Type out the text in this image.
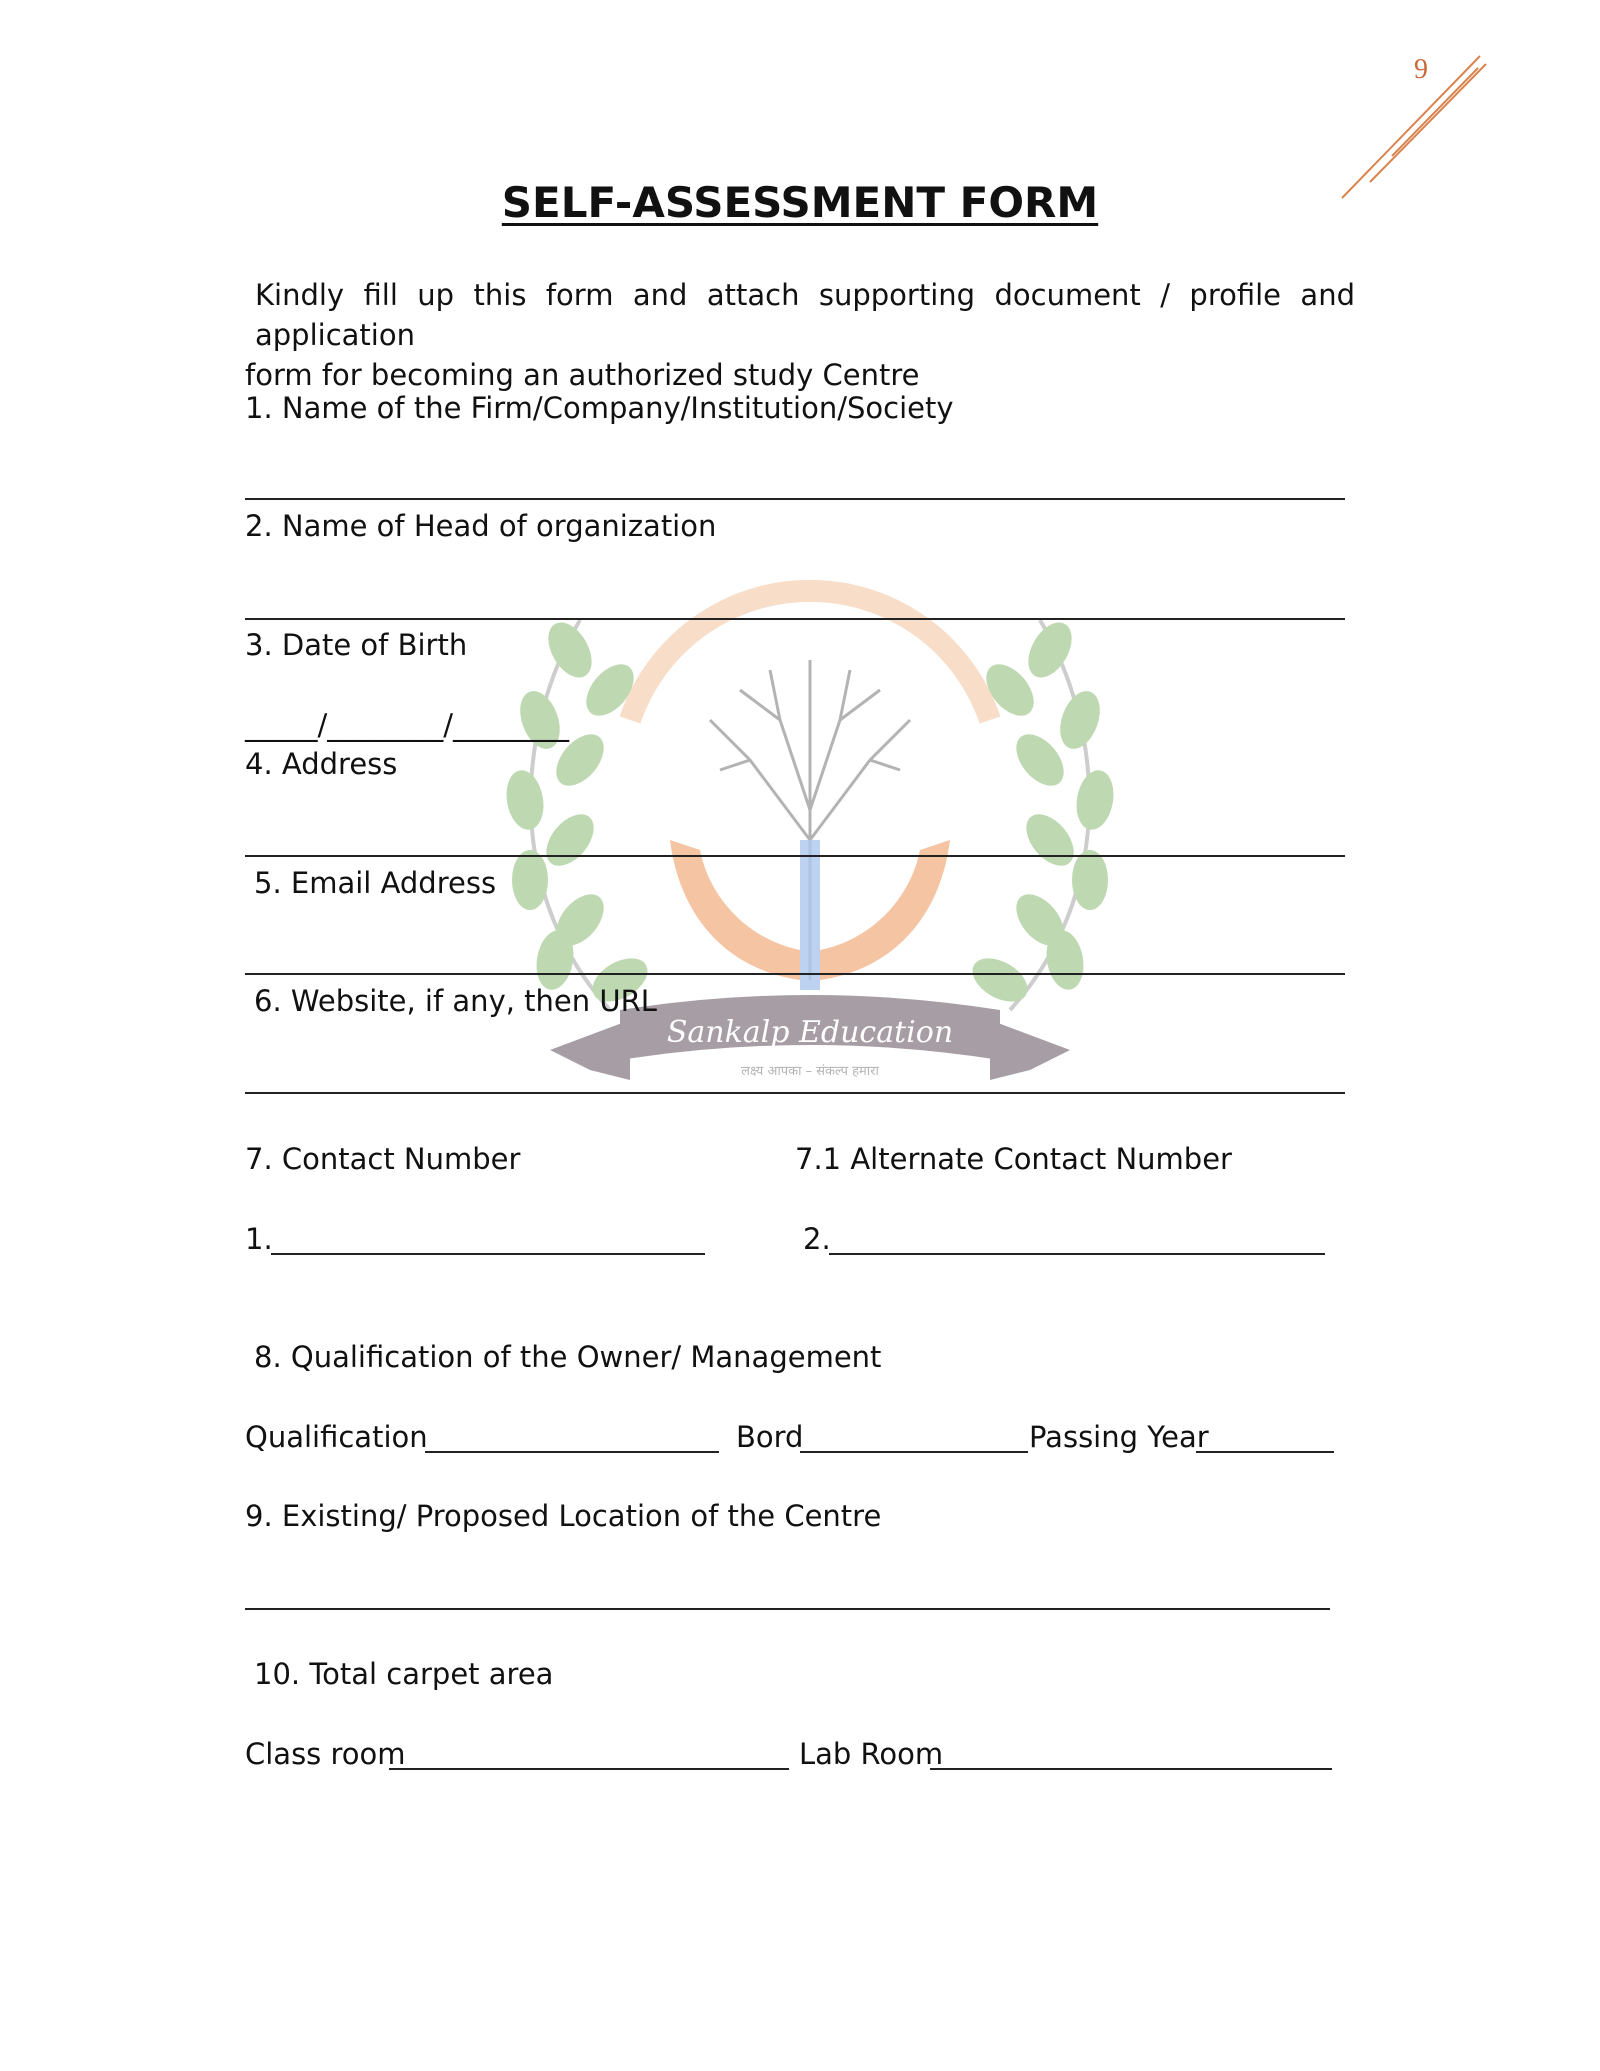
9
Sankalp Education
लक्ष्य आपका – संकल्प हमारा
SELF-ASSESSMENT FORM
Kindly fill up this form and attach supporting document / profile and application
form for becoming an authorized study Centre
1. Name of the Firm/Company/Institution/Society
2. Name of Head of organization
3. Date of Birth
_____/________/________
4. Address
5. Email Address
6. Website, if any, then URL
7. Contact Number	7.1 Alternate Contact Number
1.	2.
8. Qualification of the Owner/ Management
Qualification	Bord	Passing Year
9. Existing/ Proposed Location of the Centre
10. Total carpet area
Class room	Lab Room
